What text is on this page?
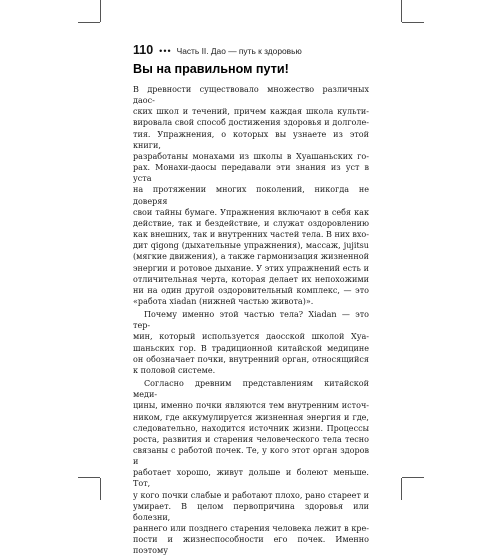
110 ••• Часть II. Дао — путь к здоровью
Вы на правильном пути!
В древности существовало множество различных даос-
ских школ и течений, причем каждая школа культи-
вировала свой способ достижения здоровья и долголе-
тия. Упражнения, о которых вы узнаете из этой книги,
разработаны монахами из школы в Хуашаньских го-
рах. Монахи-даосы передавали эти знания из уст в уста
на протяжении многих поколений, никогда не доверяя
свои тайны бумаге. Упражнения включают в себя как
действие, так и бездействие, и служат оздоровлению
как внешних, так и внутренних частей тела. В них вхо-
дит qigong (дыхательные упражнения), массаж, jujitsu
(мягкие движения), а также гармонизация жизненной
энергии и ротовое дыхание. У этих упражнений есть и
отличительная черта, которая делает их непохожими
ни на один другой оздоровительный комплекс, — это
«работа xiadan (нижней частью живота)».
Почему именно этой частью тела? Xiadan — это тер-
мин, который используется даосской школой Хуа-
шаньских гор. В традиционной китайской медицине
он обозначает почки, внутренний орган, относящийся
к половой системе.
Согласно древним представлениям китайской меди-
цины, именно почки являются тем внутренним источ-
ником, где аккумулируется жизненная энергия и где,
следовательно, находится источник жизни. Процессы
роста, развития и старения человеческого тела тесно
связаны с работой почек. Те, у кого этот орган здоров и
работает хорошо, живут дольше и болеют меньше. Тот,
у кого почки слабые и работают плохо, рано стареет и
умирает. В целом первопричина здоровья или болезни,
раннего или позднего старения человека лежит в кре-
пости и жизнеспособности его почек. Именно поэтому
